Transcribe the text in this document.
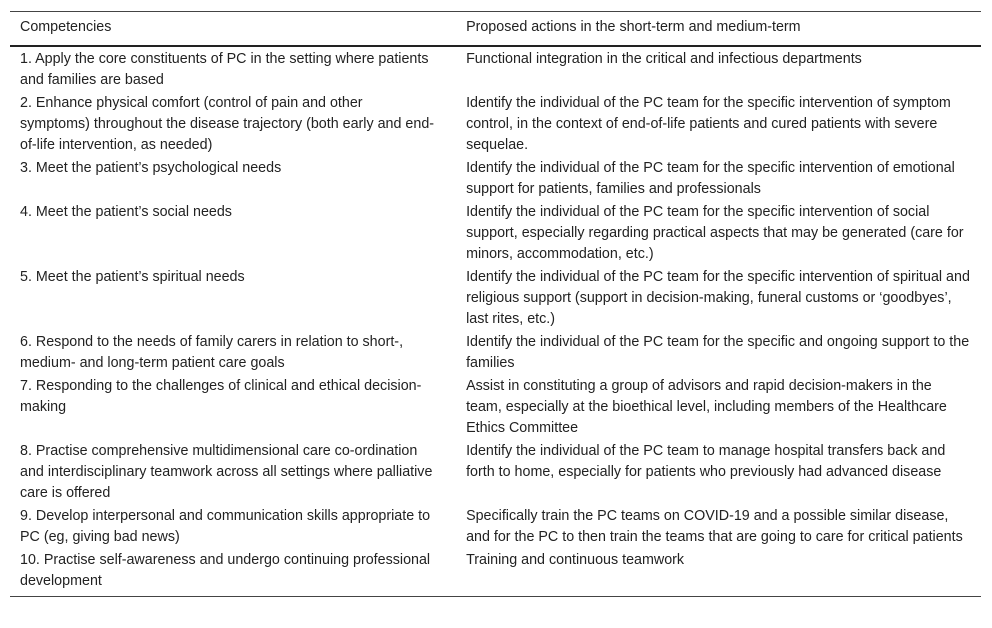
Competencies	Proposed actions in the short-term and medium-term
1. Apply the core constituents of PC in the setting where patients and families are based	Functional integration in the critical and infectious departments
2. Enhance physical comfort (control of pain and other symptoms) throughout the disease trajectory (both early and end-of-life intervention, as needed)	Identify the individual of the PC team for the specific intervention of symptom control, in the context of end-of-life patients and cured patients with severe sequelae.
3. Meet the patient’s psychological needs	Identify the individual of the PC team for the specific intervention of emotional support for patients, families and professionals
4. Meet the patient’s social needs	Identify the individual of the PC team for the specific intervention of social support, especially regarding practical aspects that may be generated (care for minors, accommodation, etc.)
5. Meet the patient’s spiritual needs	Identify the individual of the PC team for the specific intervention of spiritual and religious support (support in decision-making, funeral customs or ‘goodbyes’, last rites, etc.)
6. Respond to the needs of family carers in relation to short-, medium- and long-term patient care goals	Identify the individual of the PC team for the specific and ongoing support to the families
7. Responding to the challenges of clinical and ethical decision-making	Assist in constituting a group of advisors and rapid decision-makers in the team, especially at the bioethical level, including members of the Healthcare Ethics Committee
8. Practise comprehensive multidimensional care co-ordination and interdisciplinary teamwork across all settings where palliative care is offered	Identify the individual of the PC team to manage hospital transfers back and forth to home, especially for patients who previously had advanced disease
9. Develop interpersonal and communication skills appropriate to PC (eg, giving bad news)	Specifically train the PC teams on COVID-19 and a possible similar disease, and for the PC to then train the teams that are going to care for critical patients
10. Practise self-awareness and undergo continuing professional development	Training and continuous teamwork
